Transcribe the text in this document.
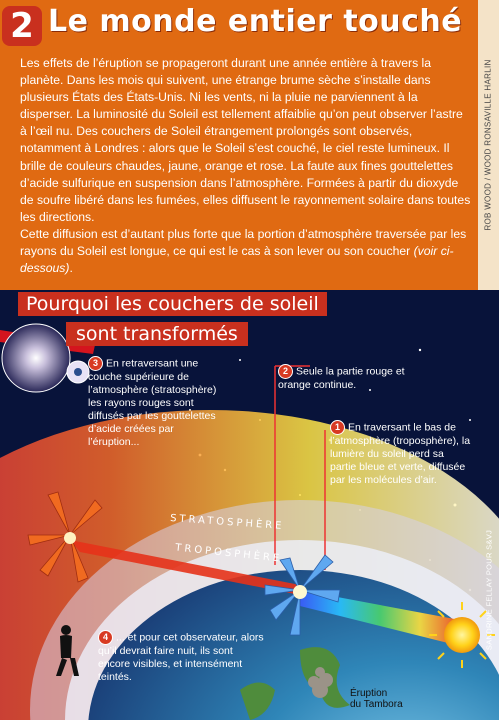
2 Le monde entier touché

Les effets de l’éruption se propageront durant une année entière à travers la planète. Dans les mois qui suivent, une étrange brume sèche s’installe dans plusieurs États des États-Unis. Ni les vents, ni la pluie ne parviennent à la disperser. La luminosité du Soleil est tellement affaiblie qu’on peut observer l’astre à l’œil nu. Des couchers de Soleil étrangement prolongés sont observés, notamment à Londres : alors que le Soleil s’est couché, le ciel reste lumineux. Il brille de couleurs chaudes, jaune, orange et rose. La faute aux fines gouttelettes d’acide sulfurique en suspension dans l’atmosphère. Formées à partir du dioxyde de soufre libéré dans les fumées, elles diffusent le rayonnement solaire dans toutes les directions.

Cette diffusion est d’autant plus forte que la portion d’atmosphère traversée par les rayons du Soleil est longue, ce qui est le cas à son lever ou son coucher (voir ci-dessous).

ROB WOOD / WOOD RONSAVILLE HARLIN
Pourquoi les couchers de soleil
sont transformés

3 En retraversant une couche supérieure de l’atmosphère (stratosphère) les rayons rouges sont diffusés par les gouttelettes d’acide créées par l’éruption...

2 Seule la partie rouge et orange continue.

1 En traversant le bas de l’atmosphère (troposphère), la lumière du soleil perd sa partie bleue et verte, diffusée par les molécules d’air.

4 ... et pour cet observateur, alors qu’il devrait faire nuit, ils sont encore visibles, et intensément teintés.

STRATOSPHÈRE
TROPOSPHÈRE
Éruption
du Tambora
SANDRINE FELLAY POUR S&VJ
